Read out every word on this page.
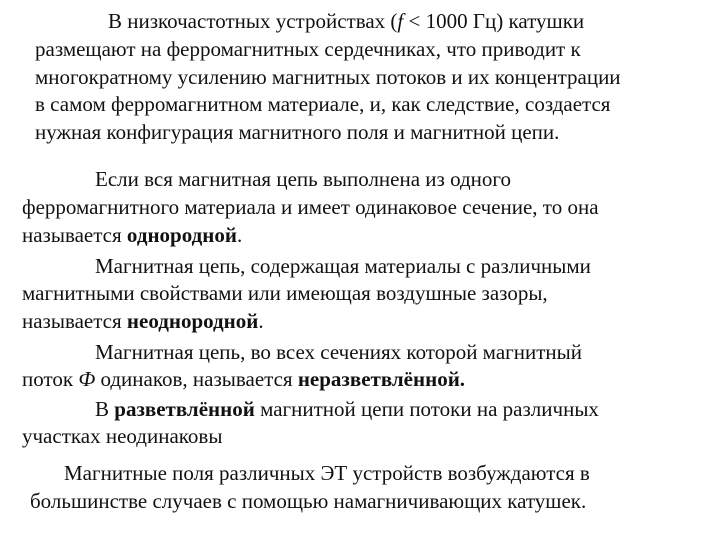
В низкочастотных устройствах (f < 1000 Гц) катушки
размещают на ферромагнитных сердечниках, что приводит к
многократному усилению магнитных потоков и их концентрации
в самом ферромагнитном материале, и, как следствие, создается
нужная конфигурация магнитного поля и магнитной цепи.
Если вся магнитная цепь выполнена из одного
ферромагнитного материала и имеет одинаковое сечение, то она
называется однородной.
Магнитная цепь, содержащая материалы с различными
магнитными свойствами или имеющая воздушные зазоры,
называется неоднородной.
Магнитная цепь, во всех сечениях которой магнитный
поток Ф одинаков, называется неразветвлённой.
В разветвлённой магнитной цепи потоки на различных
участках неодинаковы
Магнитные поля различных ЭТ устройств возбуждаются в
большинстве случаев с помощью намагничивающих катушек.
